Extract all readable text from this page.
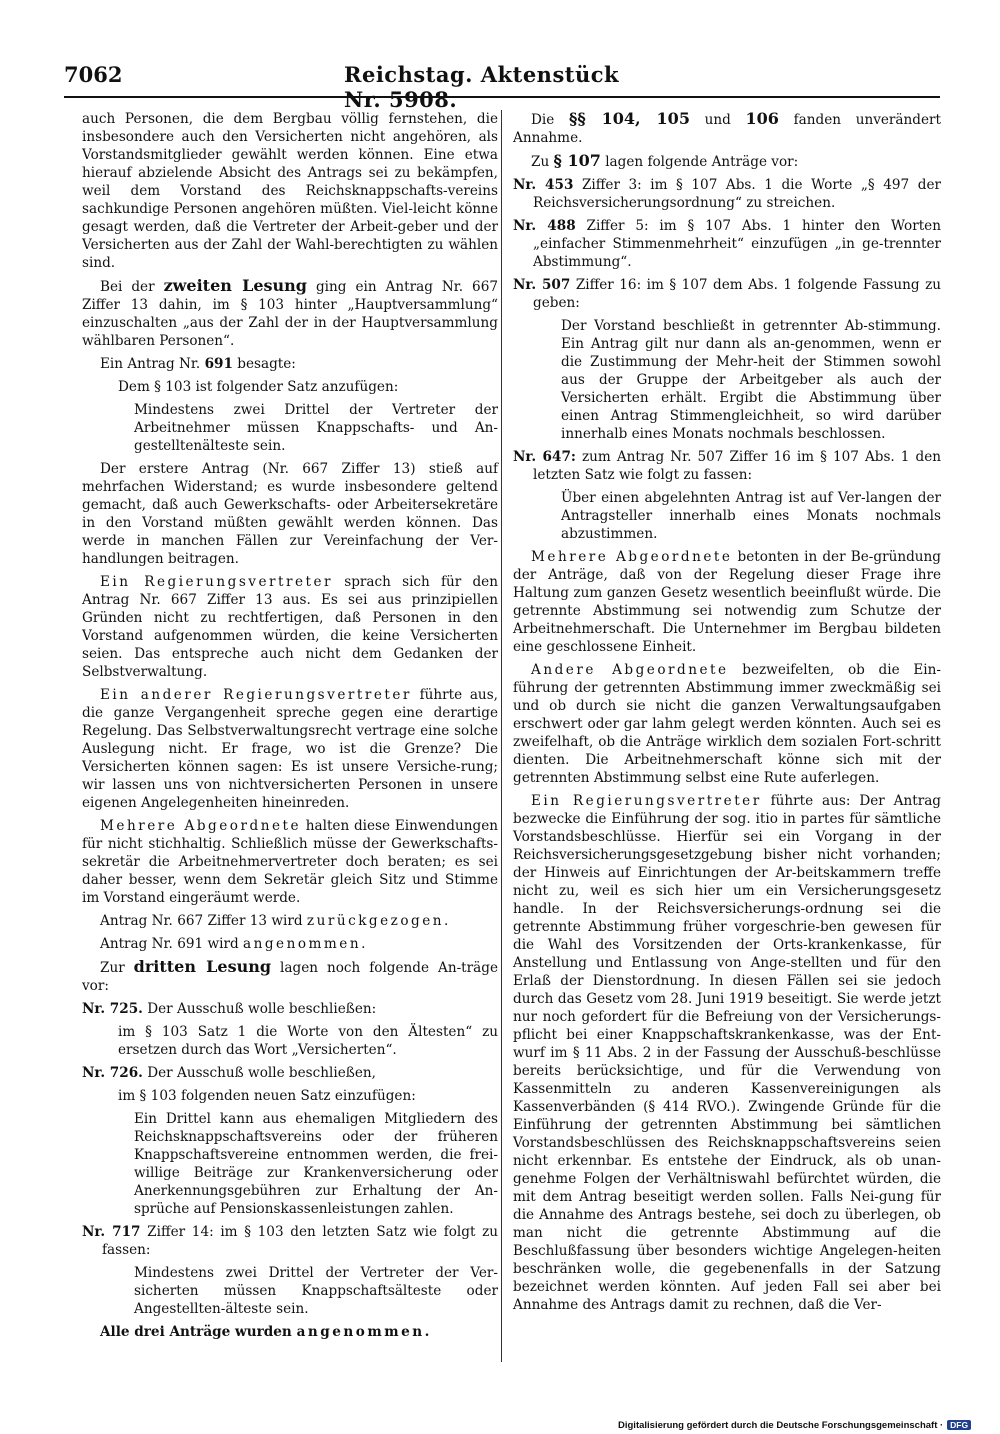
7062	Reichstag. Aktenstück Nr. 5908.

auch Personen, die dem Bergbau völlig fernstehen, die insbesondere auch den Versicherten nicht angehören, als Vorstandsmitglieder gewählt werden können. Eine etwa hierauf abzielende Absicht des Antrags sei zu bekämpfen, weil dem Vorstand des Reichsknappschafts-vereins sachkundige Personen angehören müßten. Viel-leicht könne gesagt werden, daß die Vertreter der Arbeit-geber und der Versicherten aus der Zahl der Wahl-berechtigten zu wählen sind.

Bei der zweiten Lesung ging ein Antrag Nr. 667 Ziffer 13 dahin, im § 103 hinter „Hauptversammlung“ einzuschalten „aus der Zahl der in der Hauptversammlung wählbaren Personen“.

Ein Antrag Nr. 691 besagte:

Dem § 103 ist folgender Satz anzufügen:

Mindestens zwei Drittel der Vertreter der Arbeitnehmer müssen Knappschafts- und An-gestelltenälteste sein.

Der erstere Antrag (Nr. 667 Ziffer 13) stieß auf mehrfachen Widerstand; es wurde insbesondere geltend gemacht, daß auch Gewerkschafts- oder Arbeitersekretäre in den Vorstand müßten gewählt werden können. Das werde in manchen Fällen zur Vereinfachung der Ver-handlungen beitragen.

Ein Regierungsvertreter sprach sich für den Antrag Nr. 667 Ziffer 13 aus. Es sei aus prinzipiellen Gründen nicht zu rechtfertigen, daß Personen in den Vorstand aufgenommen würden, die keine Versicherten seien. Das entspreche auch nicht dem Gedanken der Selbstverwaltung.

Ein anderer Regierungsvertreter führte aus, die ganze Vergangenheit spreche gegen eine derartige Regelung. Das Selbstverwaltungsrecht vertrage eine solche Auslegung nicht. Er frage, wo ist die Grenze? Die Versicherten können sagen: Es ist unsere Versiche-rung; wir lassen uns von nichtversicherten Personen in unsere eigenen Angelegenheiten hineinreden.

Mehrere Abgeordnete halten diese Einwendungen für nicht stichhaltig. Schließlich müsse der Gewerkschafts-sekretär die Arbeitnehmervertreter doch beraten; es sei daher besser, wenn dem Sekretär gleich Sitz und Stimme im Vorstand eingeräumt werde.

Antrag Nr. 667 Ziffer 13 wird zurückgezogen.

Antrag Nr. 691 wird angenommen.

Zur dritten Lesung lagen noch folgende An-träge vor:

Nr. 725. Der Ausschuß wolle beschließen:

im § 103 Satz 1 die Worte von den Ältesten“ zu ersetzen durch das Wort „Versicherten“.

Nr. 726. Der Ausschuß wolle beschließen,

im § 103 folgenden neuen Satz einzufügen:

Ein Drittel kann aus ehemaligen Mitgliedern des Reichsknappschaftsvereins oder der früheren Knappschaftsvereine entnommen werden, die frei-willige Beiträge zur Krankenversicherung oder Anerkennungsgebühren zur Erhaltung der An-sprüche auf Pensionskassenleistungen zahlen.

Nr. 717 Ziffer 14: im § 103 den letzten Satz wie folgt zu fassen:

Mindestens zwei Drittel der Vertreter der Ver-sicherten müssen Knappschaftsälteste oder Angestellten-älteste sein.

Alle drei Anträge wurden angenommen.

Die §§ 104, 105 und 106 fanden unverändert Annahme.

Zu § 107 lagen folgende Anträge vor:

Nr. 453 Ziffer 3: im § 107 Abs. 1 die Worte „§ 497 der Reichsversicherungsordnung“ zu streichen.

Nr. 488 Ziffer 5: im § 107 Abs. 1 hinter den Worten „einfacher Stimmenmehrheit“ einzufügen „in ge-trennter Abstimmung“.

Nr. 507 Ziffer 16: im § 107 dem Abs. 1 folgende Fassung zu geben:

Der Vorstand beschließt in getrennter Ab-stimmung. Ein Antrag gilt nur dann als an-genommen, wenn er die Zustimmung der Mehr-heit der Stimmen sowohl aus der Gruppe der Arbeitgeber als auch der Versicherten erhält. Ergibt die Abstimmung über einen Antrag Stimmengleichheit, so wird darüber innerhalb eines Monats nochmals beschlossen.

Nr. 647: zum Antrag Nr. 507 Ziffer 16 im § 107 Abs. 1 den letzten Satz wie folgt zu fassen:

Über einen abgelehnten Antrag ist auf Ver-langen der Antragsteller innerhalb eines Monats nochmals abzustimmen.

Mehrere Abgeordnete betonten in der Be-gründung der Anträge, daß von der Regelung dieser Frage ihre Haltung zum ganzen Gesetz wesentlich beeinflußt würde. Die getrennte Abstimmung sei notwendig zum Schutze der Arbeitnehmerschaft. Die Unternehmer im Bergbau bildeten eine geschlossene Einheit.

Andere Abgeordnete bezweifelten, ob die Ein-führung der getrennten Abstimmung immer zweckmäßig sei und ob durch sie nicht die ganzen Verwaltungsaufgaben erschwert oder gar lahm gelegt werden könnten. Auch sei es zweifelhaft, ob die Anträge wirklich dem sozialen Fort-schritt dienten. Die Arbeitnehmerschaft könne sich mit der getrennten Abstimmung selbst eine Rute auferlegen.

Ein Regierungsvertreter führte aus: Der Antrag bezwecke die Einführung der sog. itio in partes für sämtliche Vorstandsbeschlüsse. Hierfür sei ein Vorgang in der Reichsversicherungsgesetzgebung bisher nicht vorhanden; der Hinweis auf Einrichtungen der Ar-beitskammern treffe nicht zu, weil es sich hier um ein Versicherungsgesetz handle. In der Reichsversicherungs-ordnung sei die getrennte Abstimmung früher vorgeschrie-ben gewesen für die Wahl des Vorsitzenden der Orts-krankenkasse, für Anstellung und Entlassung von Ange-stellten und für den Erlaß der Dienstordnung. In diesen Fällen sei sie jedoch durch das Gesetz vom 28. Juni 1919 beseitigt. Sie werde jetzt nur noch gefordert für die Befreiung von der Versicherungs-pflicht bei einer Knappschaftskrankenkasse, was der Ent-wurf im § 11 Abs. 2 in der Fassung der Ausschuß-beschlüsse bereits berücksichtige, und für die Verwendung von Kassenmitteln zu anderen Kassenvereinigungen als Kassenverbänden (§ 414 RVO.). Zwingende Gründe für die Einführung der getrennten Abstimmung bei sämtlichen Vorstandsbeschlüssen des Reichsknappschaftsvereins seien nicht erkennbar. Es entstehe der Eindruck, als ob unan-genehme Folgen der Verhältniswahl befürchtet würden, die mit dem Antrag beseitigt werden sollen. Falls Nei-gung für die Annahme des Antrags bestehe, sei doch zu überlegen, ob man nicht die getrennte Abstimmung auf die Beschlußfassung über besonders wichtige Angelegen-heiten beschränken wolle, die gegebenenfalls in der Satzung bezeichnet werden könnten. Auf jeden Fall sei aber bei Annahme des Antrags damit zu rechnen, daß die Ver-

Digitalisierung gefördert durch die Deutsche Forschungsgemeinschaft · DFG
